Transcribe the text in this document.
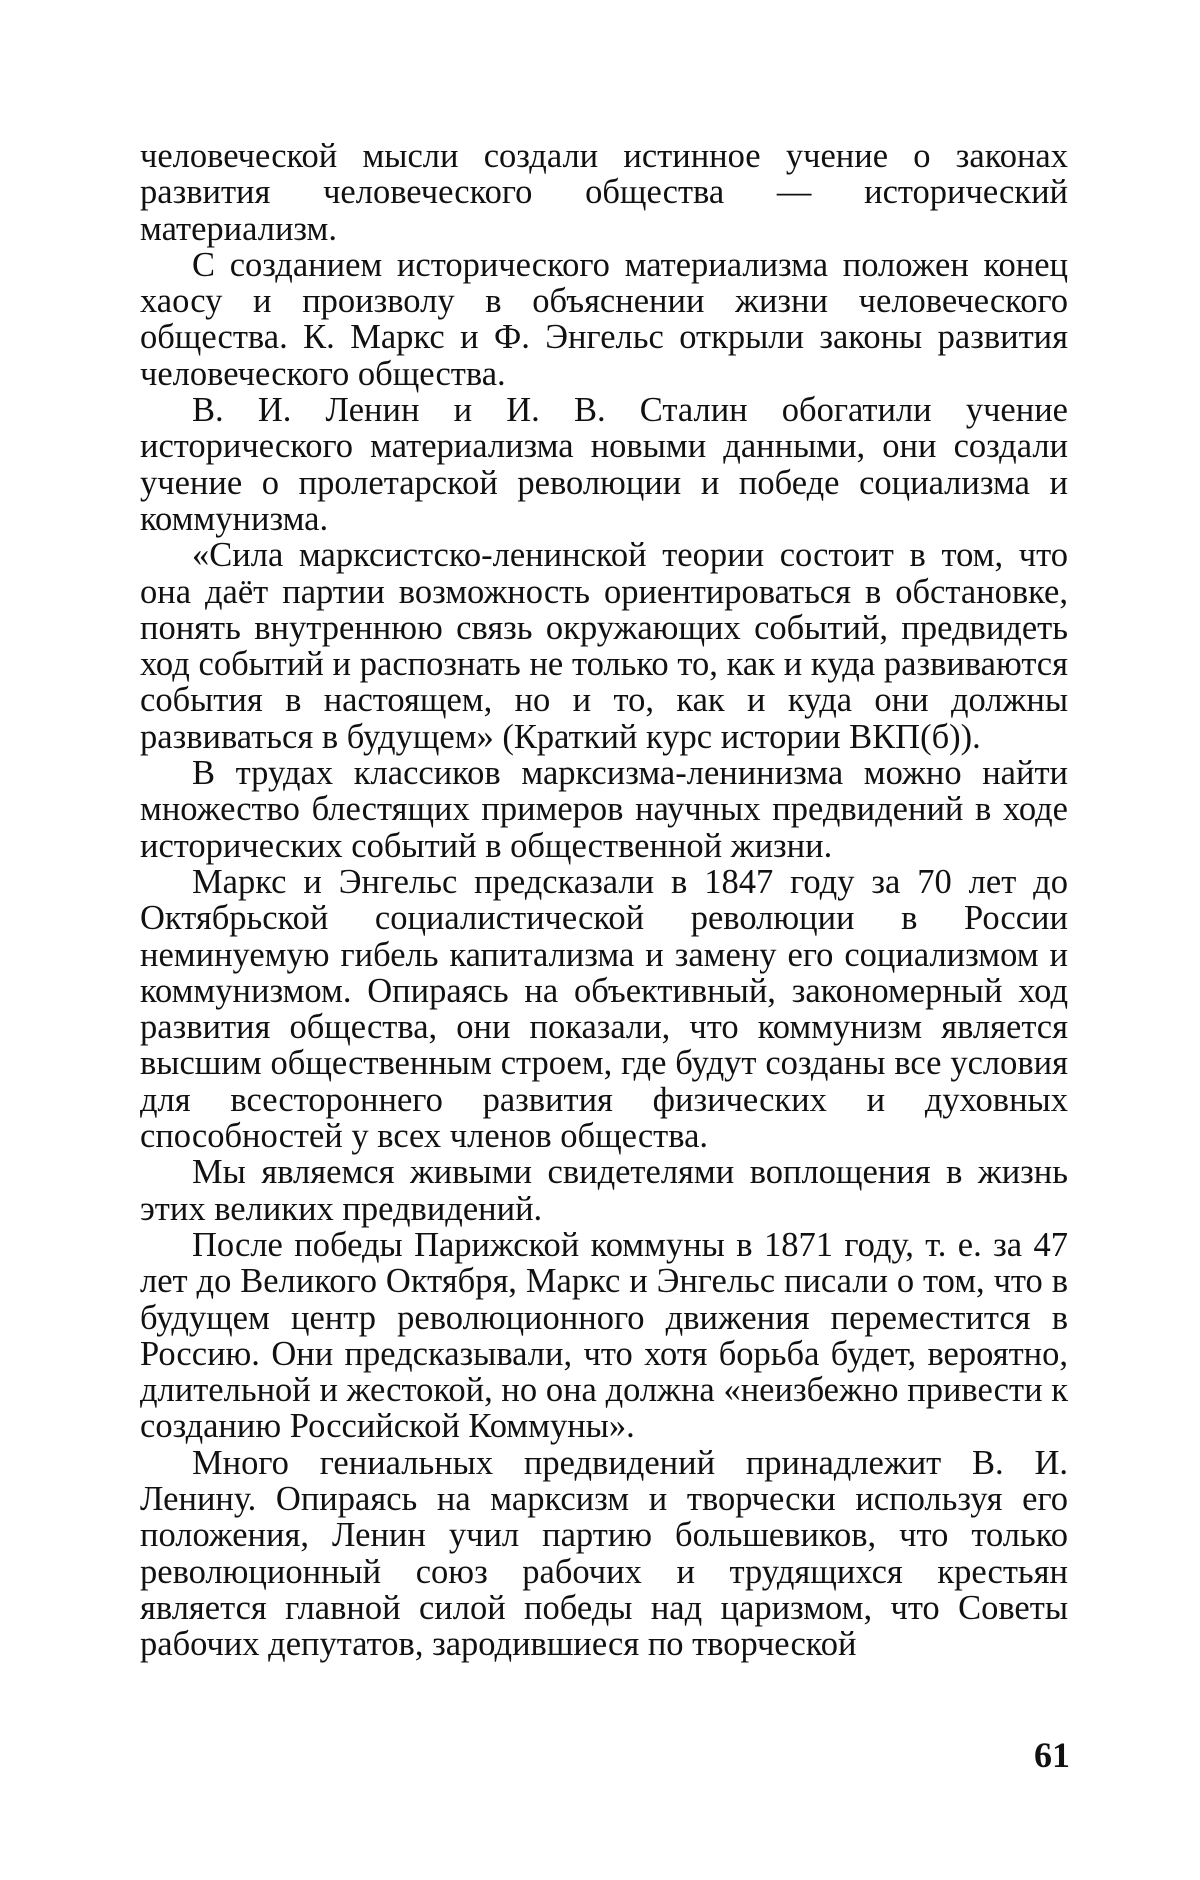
человеческой мысли создали истинное учение о законах развития человеческого общества — исторический материализм.

С созданием исторического материализма положен конец хаосу и произволу в объяснении жизни человеческого общества. К. Маркс и Ф. Энгельс открыли законы развития человеческого общества.

В. И. Ленин и И. В. Сталин обогатили учение исторического материализма новыми данными, они создали учение о пролетарской революции и победе социализма и коммунизма.

«Сила марксистско-ленинской теории состоит в том, что она даёт партии возможность ориентироваться в обстановке, понять внутреннюю связь окружающих событий, предвидеть ход событий и распознать не только то, как и куда развиваются события в настоящем, но и то, как и куда они должны развиваться в будущем» (Краткий курс истории ВКП(б)).

В трудах классиков марксизма-ленинизма можно найти множество блестящих примеров научных предвидений в ходе исторических событий в общественной жизни.

Маркс и Энгельс предсказали в 1847 году за 70 лет до Октябрьской социалистической революции в России неминуемую гибель капитализма и замену его социализмом и коммунизмом. Опираясь на объективный, закономерный ход развития общества, они показали, что коммунизм является высшим общественным строем, где будут созданы все условия для всестороннего развития физических и духовных способностей у всех членов общества.

Мы являемся живыми свидетелями воплощения в жизнь этих великих предвидений.

После победы Парижской коммуны в 1871 году, т. е. за 47 лет до Великого Октября, Маркс и Энгельс писали о том, что в будущем центр революционного движения переместится в Россию. Они предсказывали, что хотя борьба будет, вероятно, длительной и жестокой, но она должна «неизбежно привести к созданию Российской Коммуны».

Много гениальных предвидений принадлежит В. И. Ленину. Опираясь на марксизм и творчески используя его положения, Ленин учил партию большевиков, что только революционный союз рабочих и трудящихся крестьян является главной силой победы над царизмом, что Советы рабочих депутатов, зародившиеся по творческой

61
